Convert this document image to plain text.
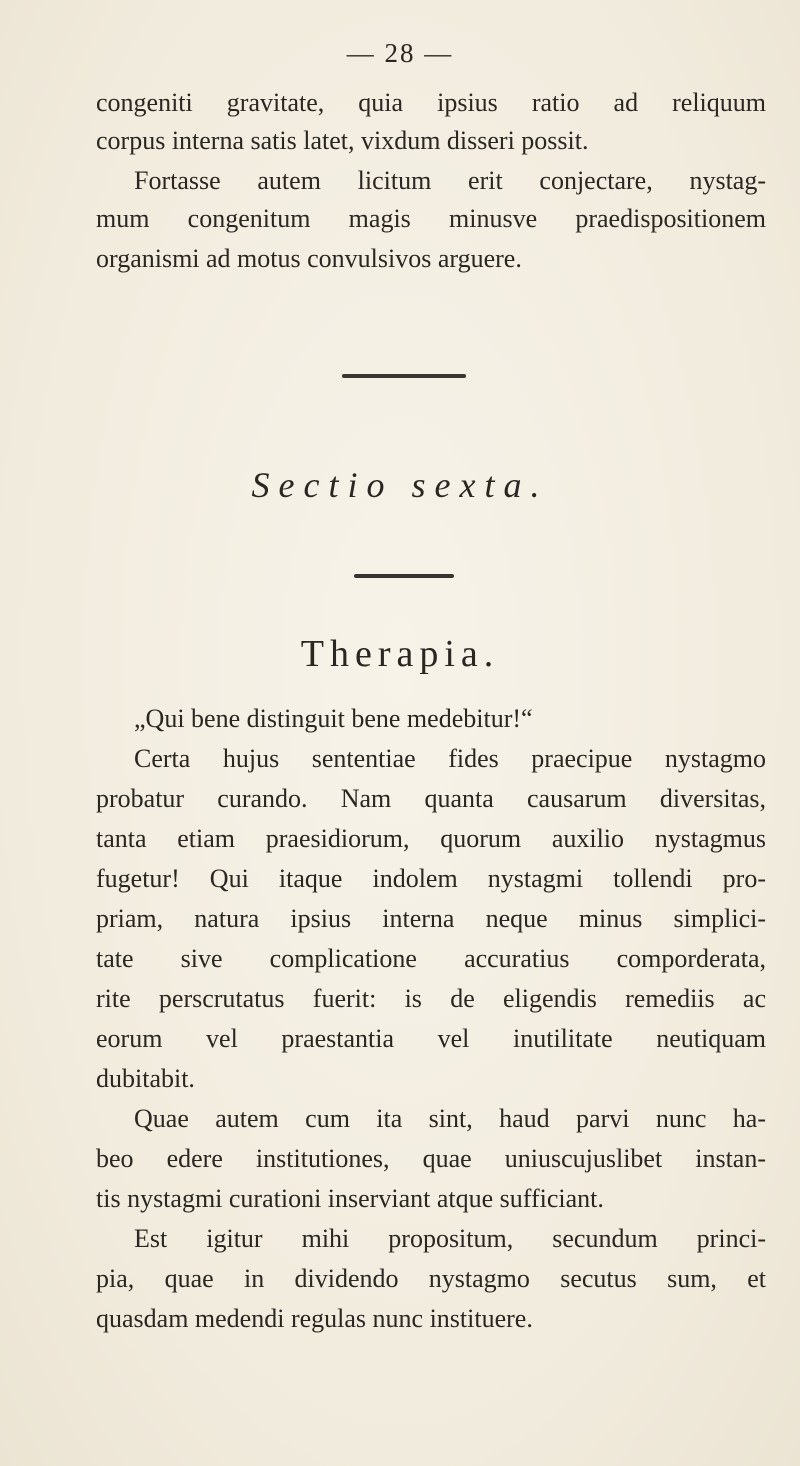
— 28 —
congeniti gravitate, quia ipsius ratio ad reliquum
corpus interna satis latet, vixdum disseri possit.
Fortasse autem licitum erit conjectare, nystag-
mum congenitum magis minusve praedispositionem
organismi ad motus convulsivos arguere.
Sectio sexta.
Therapia.
„Qui bene distinguit bene medebitur!“
Certa hujus sententiae fides praecipue nystagmo
probatur curando. Nam quanta causarum diversitas,
tanta etiam praesidiorum, quorum auxilio nystagmus
fugetur! Qui itaque indolem nystagmi tollendi pro-
priam, natura ipsius interna neque minus simplici-
tate sive complicatione accuratius comporderata,
rite perscrutatus fuerit: is de eligendis remediis ac
eorum vel praestantia vel inutilitate neutiquam
dubitabit.
Quae autem cum ita sint, haud parvi nunc ha-
beo edere institutiones, quae uniuscujuslibet instan-
tis nystagmi curationi inserviant atque sufficiant.
Est igitur mihi propositum, secundum princi-
pia, quae in dividendo nystagmo secutus sum, et
quasdam medendi regulas nunc instituere.
